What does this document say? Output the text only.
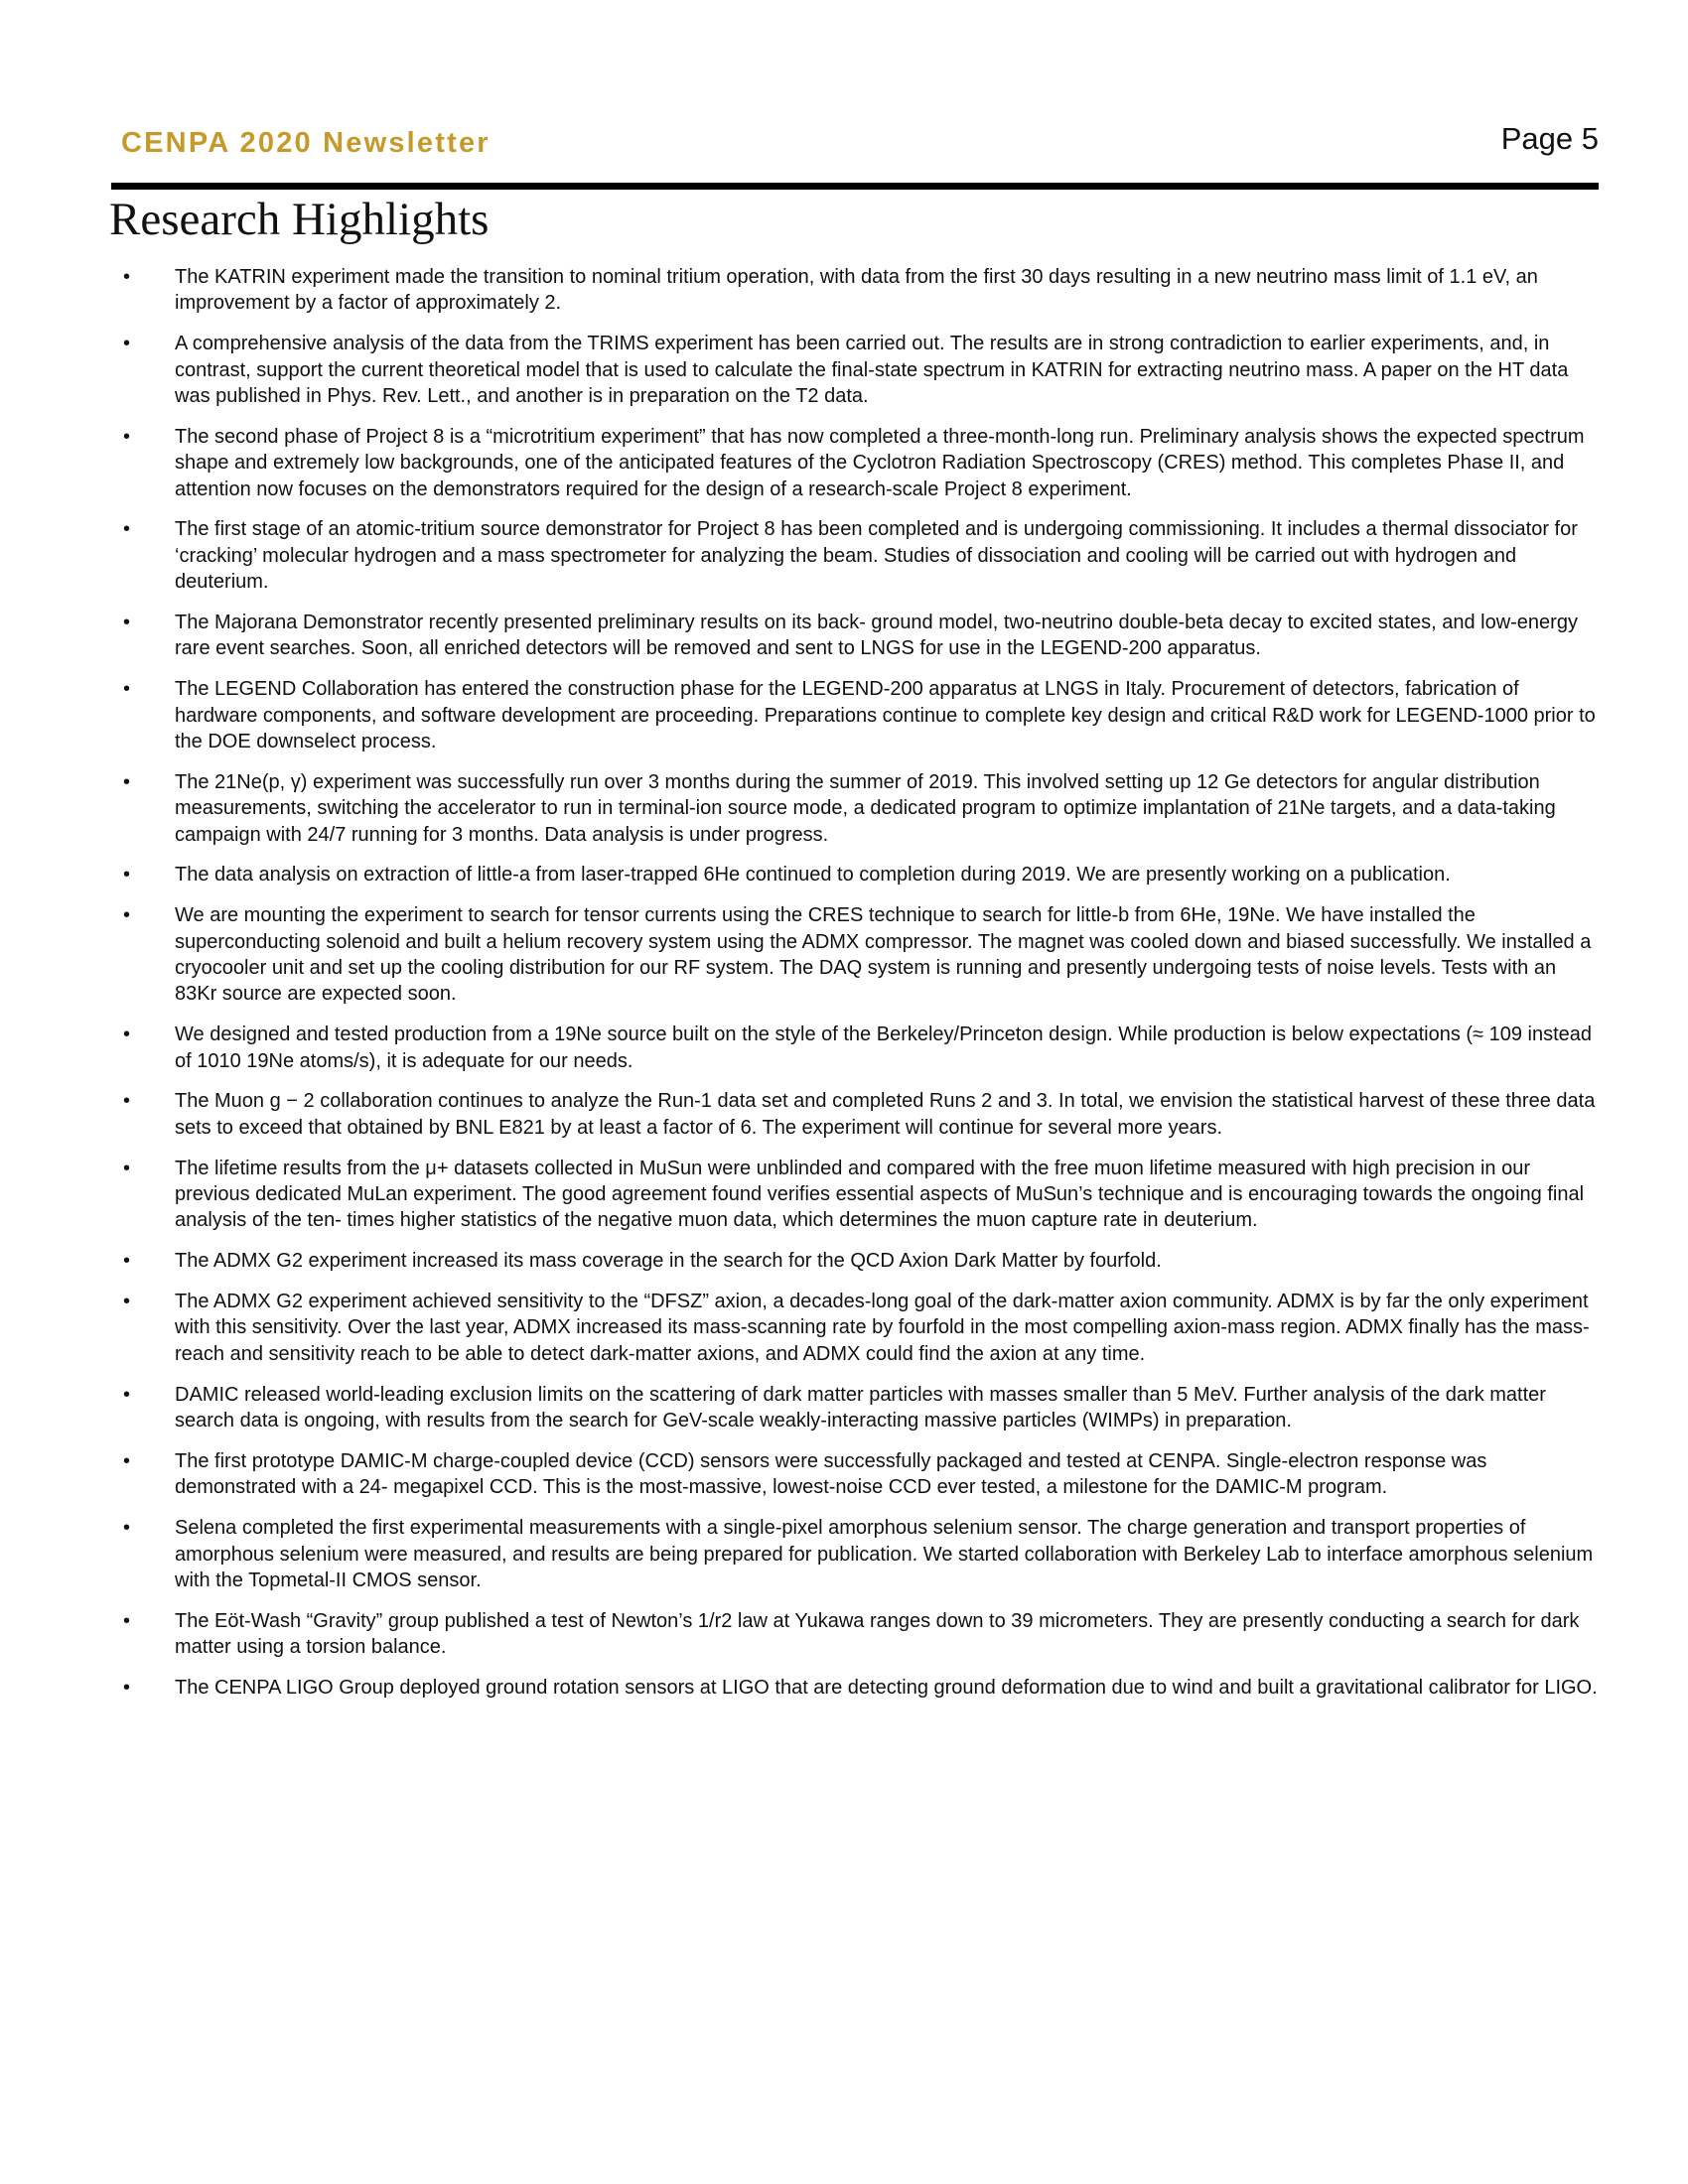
CENPA 2020 Newsletter	Page 5
Research Highlights
•	The KATRIN experiment made the transition to nominal tritium operation, with data from the first 30 days resulting in a new neutrino mass limit of 1.1 eV, an improvement by a factor of approximately 2.
•	A comprehensive analysis of the data from the TRIMS experiment has been carried out. The results are in strong contradiction to earlier experiments, and, in contrast, support the current theoretical model that is used to calculate the final-state spectrum in KATRIN for extracting neutrino mass. A paper on the HT data was published in Phys. Rev. Lett., and another is in preparation on the T2 data.
•	The second phase of Project 8 is a “microtritium experiment” that has now completed a three-month-long run. Preliminary analysis shows the expected spectrum shape and extremely low backgrounds, one of the anticipated features of the Cyclotron Radiation Spectroscopy (CRES) method. This completes Phase II, and attention now focuses on the demonstrators required for the design of a research-scale Project 8 experiment.
•	The first stage of an atomic-tritium source demonstrator for Project 8 has been completed and is undergoing commissioning. It includes a thermal dissociator for ‘cracking’ molecular hydrogen and a mass spectrometer for analyzing the beam. Studies of dissociation and cooling will be carried out with hydrogen and deuterium.
•	The Majorana Demonstrator recently presented preliminary results on its back- ground model, two-neutrino double-beta decay to excited states, and low-energy rare event searches. Soon, all enriched detectors will be removed and sent to LNGS for use in the LEGEND-200 apparatus.
•	The LEGEND Collaboration has entered the construction phase for the LEGEND-200 apparatus at LNGS in Italy. Procurement of detectors, fabrication of hardware components, and software development are proceeding. Preparations continue to complete key design and critical R&D work for LEGEND-1000 prior to the DOE downselect process.
•	The 21Ne(p, γ) experiment was successfully run over 3 months during the summer of 2019. This involved setting up 12 Ge detectors for angular distribution measurements, switching the accelerator to run in terminal-ion source mode, a dedicated program to optimize implantation of 21Ne targets, and a data-taking campaign with 24/7 running for 3 months. Data analysis is under progress.
•	The data analysis on extraction of little-a from laser-trapped 6He continued to completion during 2019. We are presently working on a publication.
•	We are mounting the experiment to search for tensor currents using the CRES technique to search for little-b from 6He, 19Ne. We have installed the superconducting solenoid and built a helium recovery system using the ADMX compressor. The magnet was cooled down and biased successfully. We installed a cryocooler unit and set up the cooling distribution for our RF system. The DAQ system is running and presently undergoing tests of noise levels. Tests with an 83Kr source are expected soon.
•	We designed and tested production from a 19Ne source built on the style of the Berkeley/Princeton design. While production is below expectations (≈ 109 instead of 1010 19Ne atoms/s), it is adequate for our needs.
•	The Muon g − 2 collaboration continues to analyze the Run-1 data set and completed Runs 2 and 3. In total, we envision the statistical harvest of these three data sets to exceed that obtained by BNL E821 by at least a factor of 6. The experiment will continue for several more years.
•	The lifetime results from the μ+ datasets collected in MuSun were unblinded and compared with the free muon lifetime measured with high precision in our previous dedicated MuLan experiment. The good agreement found verifies essential aspects of MuSun’s technique and is encouraging towards the ongoing final analysis of the ten- times higher statistics of the negative muon data, which determines the muon capture rate in deuterium.
•	The ADMX G2 experiment increased its mass coverage in the search for the QCD Axion Dark Matter by fourfold.
•	The ADMX G2 experiment achieved sensitivity to the “DFSZ” axion, a decades-long goal of the dark-matter axion community. ADMX is by far the only experiment with this sensitivity. Over the last year, ADMX increased its mass-scanning rate by fourfold in the most compelling axion-mass region. ADMX finally has the mass-reach and sensitivity reach to be able to detect dark-matter axions, and ADMX could find the axion at any time.
•	DAMIC released world-leading exclusion limits on the scattering of dark matter particles with masses smaller than 5 MeV. Further analysis of the dark matter search data is ongoing, with results from the search for GeV-scale weakly-interacting massive particles (WIMPs) in preparation.
•	The first prototype DAMIC-M charge-coupled device (CCD) sensors were successfully packaged and tested at CENPA. Single-electron response was demonstrated with a 24- megapixel CCD. This is the most-massive, lowest-noise CCD ever tested, a milestone for the DAMIC-M program.
•	Selena completed the first experimental measurements with a single-pixel amorphous selenium sensor. The charge generation and transport properties of amorphous selenium were measured, and results are being prepared for publication. We started collaboration with Berkeley Lab to interface amorphous selenium with the Topmetal-II CMOS sensor.
•	The Eöt-Wash “Gravity” group published a test of Newton’s 1/r2 law at Yukawa ranges down to 39 micrometers. They are presently conducting a search for dark matter using a torsion balance.
•	The CENPA LIGO Group deployed ground rotation sensors at LIGO that are detecting ground deformation due to wind and built a gravitational calibrator for LIGO.
